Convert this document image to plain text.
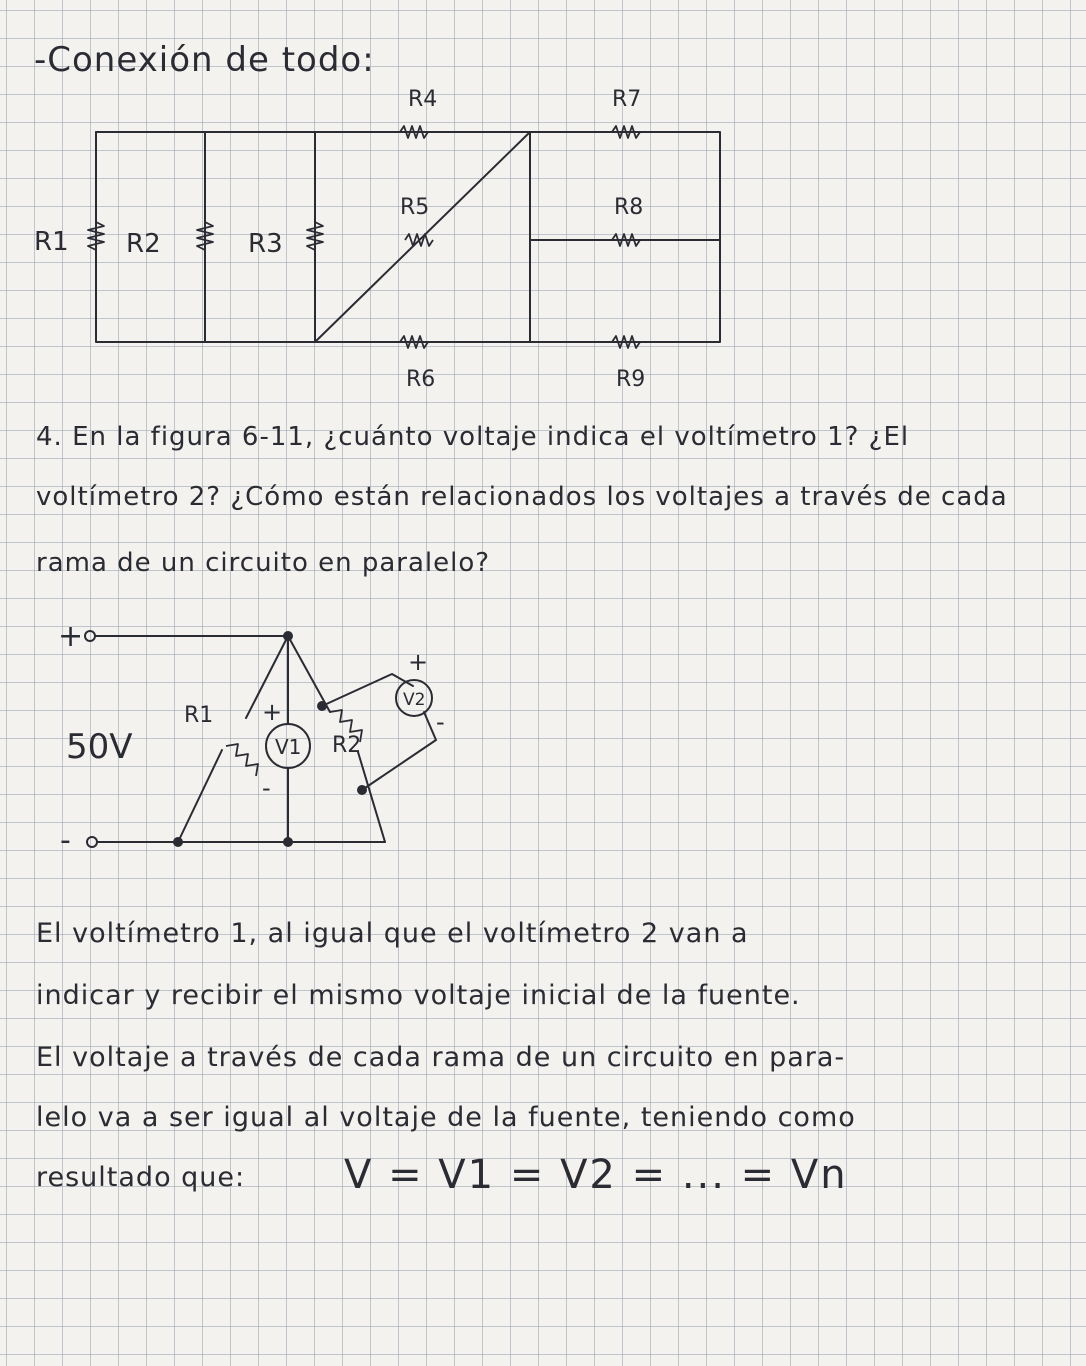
-Conexión de todo:
R1 R2	R3
R4
R5
R6
R7
R8
R9

4. En la figura 6-11, ¿cuánto voltaje indica el voltímetro 1? ¿El

voltímetro 2? ¿Cómo están relacionados los voltajes a través de cada

rama de un circuito en paralelo?

+
-
50V
R1
R2
V1
V2
+
-
+
-

El voltímetro 1, al igual que el voltímetro 2 van a

indicar y recibir el mismo voltaje inicial de la fuente.

El voltaje a través de cada rama de un circuito en para-

lelo va a ser igual al voltaje de la fuente, teniendo como

resultado que: V = V1 = V2 = ... = Vn
